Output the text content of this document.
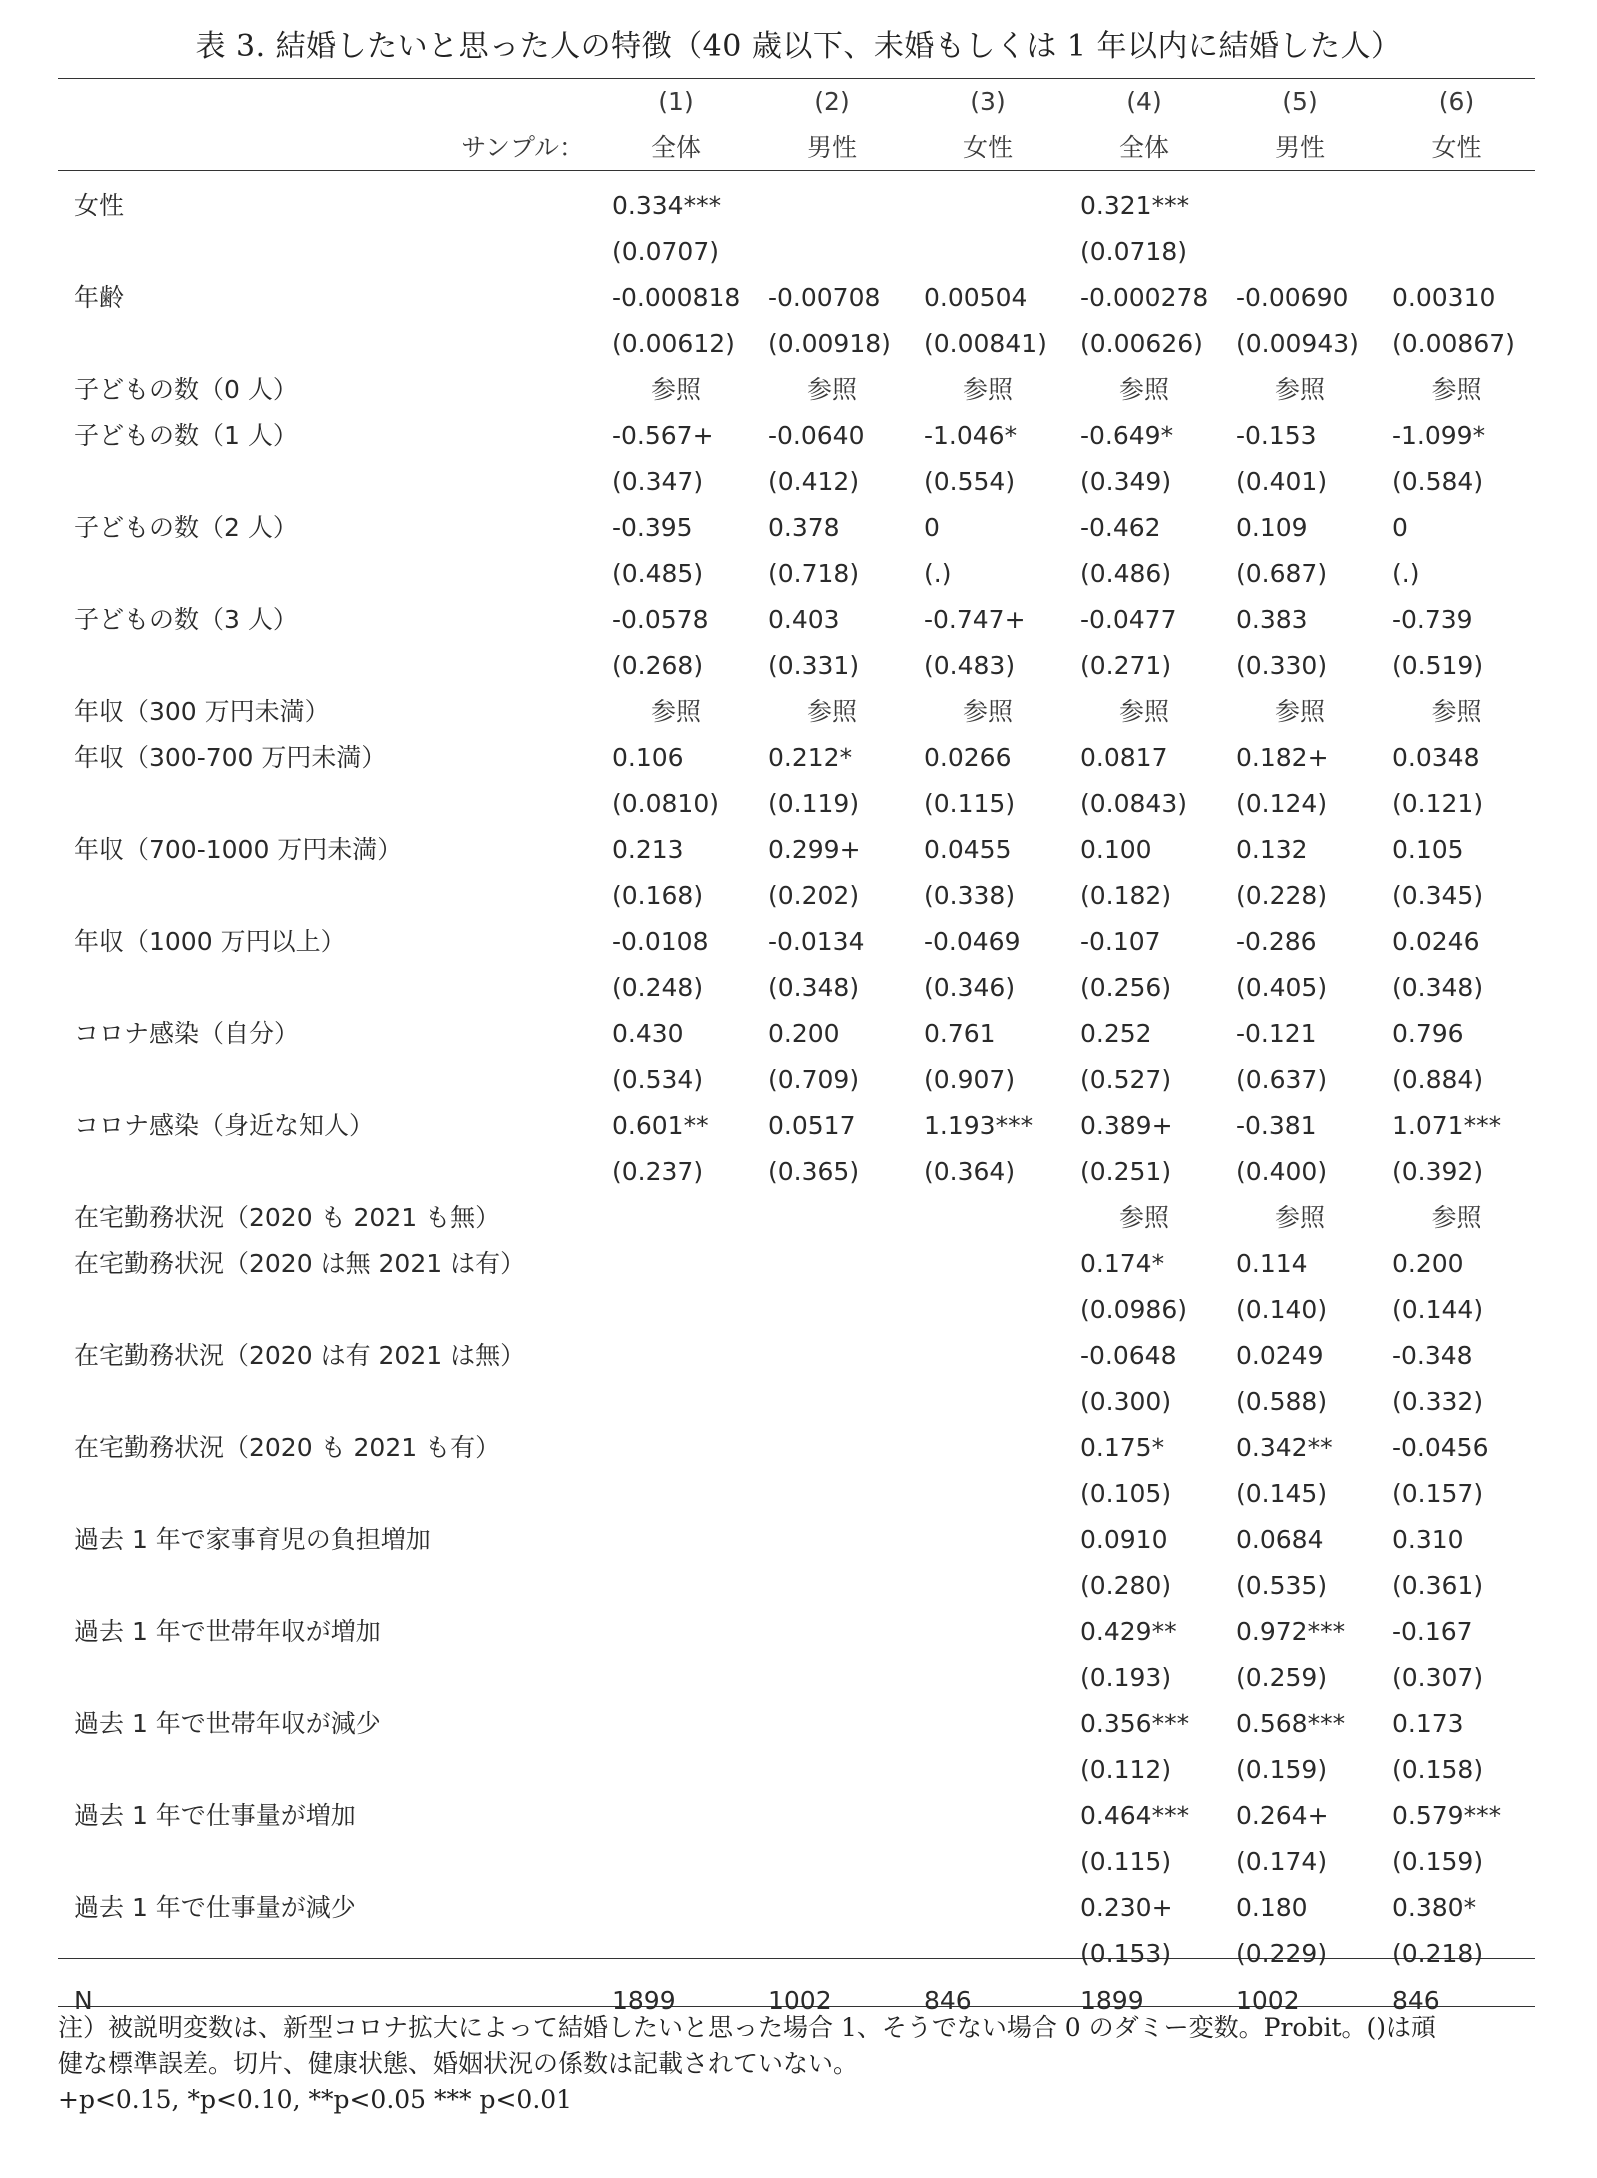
表 3. 結婚したいと思った人の特徴（40 歳以下、未婚もしくは 1 年以内に結婚した人）
	(1)	(2)	(3)	(4)	(5)	(6)
サンプル：	全体	男性	女性	全体	男性	女性
女性	0.334***			0.321***		
	(0.0707)			(0.0718)		
年齢	-0.000818	-0.00708	0.00504	-0.000278	-0.00690	0.00310
	(0.00612)	(0.00918)	(0.00841)	(0.00626)	(0.00943)	(0.00867)
子どもの数（0 人）	参照	参照	参照	参照	参照	参照
子どもの数（1 人）	-0.567+	-0.0640	-1.046*	-0.649*	-0.153	-1.099*
	(0.347)	(0.412)	(0.554)	(0.349)	(0.401)	(0.584)
子どもの数（2 人）	-0.395	0.378	0	-0.462	0.109	0
	(0.485)	(0.718)	(.)	(0.486)	(0.687)	(.)
子どもの数（3 人）	-0.0578	0.403	-0.747+	-0.0477	0.383	-0.739
	(0.268)	(0.331)	(0.483)	(0.271)	(0.330)	(0.519)
年収（300 万円未満）	参照	参照	参照	参照	参照	参照
年収（300-700 万円未満）	0.106	0.212*	0.0266	0.0817	0.182+	0.0348
	(0.0810)	(0.119)	(0.115)	(0.0843)	(0.124)	(0.121)
年収（700-1000 万円未満）	0.213	0.299+	0.0455	0.100	0.132	0.105
	(0.168)	(0.202)	(0.338)	(0.182)	(0.228)	(0.345)
年収（1000 万円以上）	-0.0108	-0.0134	-0.0469	-0.107	-0.286	0.0246
	(0.248)	(0.348)	(0.346)	(0.256)	(0.405)	(0.348)
コロナ感染（自分）	0.430	0.200	0.761	0.252	-0.121	0.796
	(0.534)	(0.709)	(0.907)	(0.527)	(0.637)	(0.884)
コロナ感染（身近な知人）	0.601**	0.0517	1.193***	0.389+	-0.381	1.071***
	(0.237)	(0.365)	(0.364)	(0.251)	(0.400)	(0.392)
在宅勤務状況（2020 も 2021 も無）				参照	参照	参照
在宅勤務状況（2020 は無 2021 は有）				0.174*	0.114	0.200
				(0.0986)	(0.140)	(0.144)
在宅勤務状況（2020 は有 2021 は無）				-0.0648	0.0249	-0.348
				(0.300)	(0.588)	(0.332)
在宅勤務状況（2020 も 2021 も有）				0.175*	0.342**	-0.0456
				(0.105)	(0.145)	(0.157)
過去 1 年で家事育児の負担増加				0.0910	0.0684	0.310
				(0.280)	(0.535)	(0.361)
過去 1 年で世帯年収が増加				0.429**	0.972***	-0.167
				(0.193)	(0.259)	(0.307)
過去 1 年で世帯年収が減少				0.356***	0.568***	0.173
				(0.112)	(0.159)	(0.158)
過去 1 年で仕事量が増加				0.464***	0.264+	0.579***
				(0.115)	(0.174)	(0.159)
過去 1 年で仕事量が減少				0.230+	0.180	0.380*
				(0.153)	(0.229)	(0.218)
N	1899	1002	846	1899	1002	846

注）被説明変数は、新型コロナ拡大によって結婚したいと思った場合 1、そうでない場合 0 のダミー変数。Probit。()は頑

健な標準誤差。切片、健康状態、婚姻状況の係数は記載されていない。

+p<0.15, *p<0.10, **p<0.05 *** p<0.01
